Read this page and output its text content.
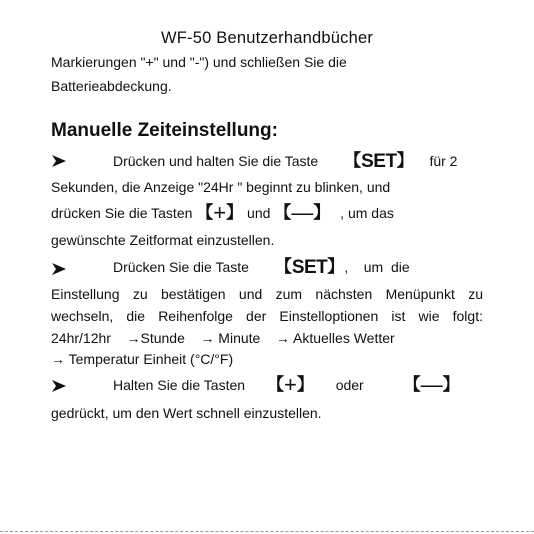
WF-50 Benutzerhandbücher
Markierungen "+" und "-") und schließen Sie die
Batterieabdeckung.
Manuelle Zeiteinstellung:
Drücken und halten Sie die Taste 【SET】 für 2
Sekunden, die Anzeige "24Hr " beginnt zu blinken, und
drücken Sie die Tasten 【+】 und 【—】 , um das
gewünschte Zeitformat einzustellen.
Drücken Sie die Taste 【SET】,    um  die
Einstellung zu bestätigen und zum nächsten Menüpunkt zu
wechseln, die Reihenfolge der Einstelloptionen ist wie folgt:
24hr/12hr    →Stunde    → Minute    → Aktuelles Wetter
→ Temperatur Einheit (°C/°F)
Halten Sie die Tasten 【+】 oder 【—】
gedrückt, um den Wert schnell einzustellen.
